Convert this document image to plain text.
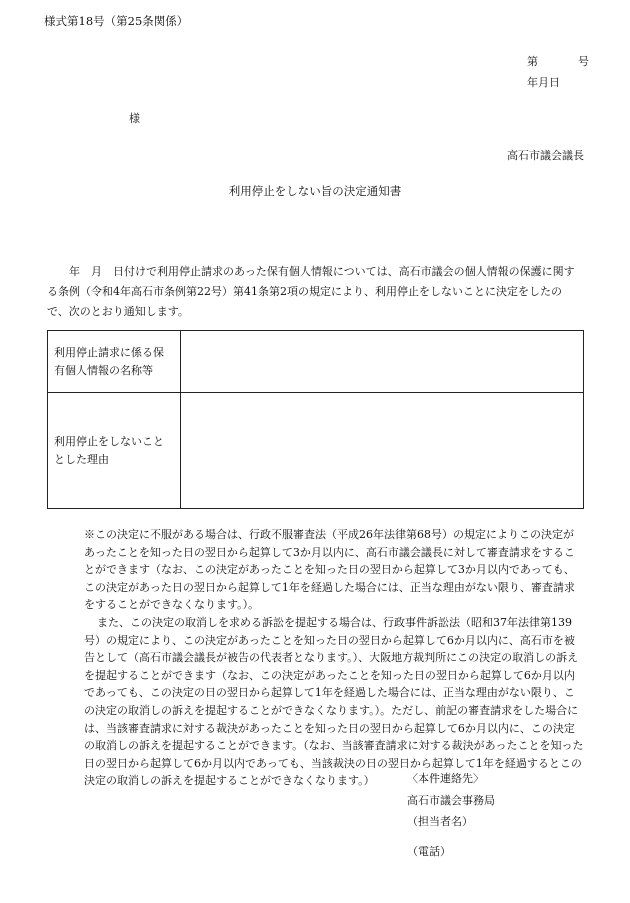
様式第18号（第25条関係）
第	号
年月日
様
高石市議会議長
利用停止をしない旨の決定通知書

年　月　日付けで利用停止請求のあった保有個人情報については、高石市議会の個人情報の保護に関する条例（令和4年高石市条例第22号）第41条第2項の規定により、利用停止をしないことに決定をしたので、次のとおり通知します。

利用停止請求に係る保有個人情報の名称等	
利用停止をしないこととした理由	

※この決定に不服がある場合は、行政不服審査法（平成26年法律第68号）の規定によりこの決定があったことを知った日の翌日から起算して3か月以内に、高石市議会議長に対して審査請求をすることができます（なお、この決定があったことを知った日の翌日から起算して3か月以内であっても、この決定があった日の翌日から起算して1年を経過した場合には、正当な理由がない限り、審査請求をすることができなくなります。）。

また、この決定の取消しを求める訴訟を提起する場合は、行政事件訴訟法（昭和37年法律第139号）の規定により、この決定があったことを知った日の翌日から起算して6か月以内に、高石市を被告として（高石市議会議長が被告の代表者となります。）、大阪地方裁判所にこの決定の取消しの訴えを提起することができます（なお、この決定があったことを知った日の翌日から起算して6か月以内であっても、この決定の日の翌日から起算して1年を経過した場合には、正当な理由がない限り、この決定の取消しの訴えを提起することができなくなります。）。ただし、前記の審査請求をした場合には、当該審査請求に対する裁決があったことを知った日の翌日から起算して6か月以内に、この決定の取消しの訴えを提起することができます。（なお、当該審査請求に対する裁決があったことを知った日の翌日から起算して6か月以内であっても、当該裁決の日の翌日から起算して1年を経過するとこの決定の取消しの訴えを提起することができなくなります。）	〈本件連絡先〉
高石市議会事務局
（担当者名）
（電話）
